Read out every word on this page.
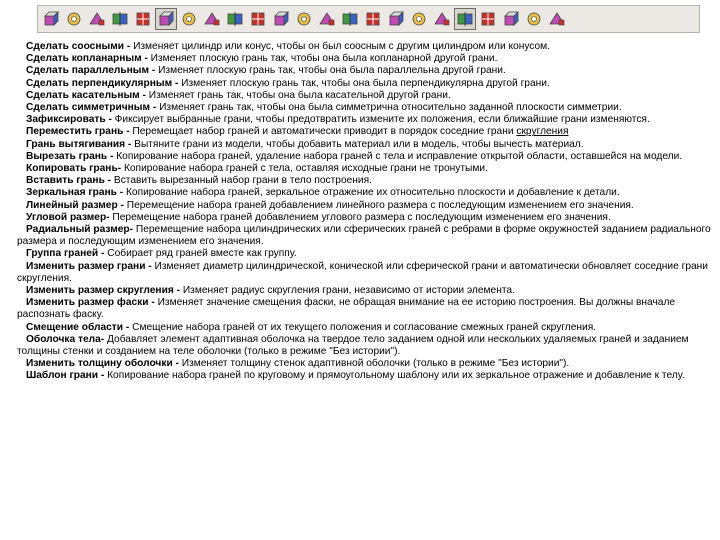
Сделать соосными - Изменяет цилиндр или конус, чтобы он был соосным с другим цилиндром или конусом.

Сделать копланарным - Изменяет плоскую грань так, чтобы она была копланарной другой грани.

Сделать параллельным - Изменяет плоскую грань так, чтобы она была параллельна другой грани.

Сделать перпендикулярным - Изменяет плоскую грань так, чтобы она была перпендикулярна другой грани.

Сделать касательным - Изменяет грань так, чтобы она была касательной другой грани.

Сделать симметричным - Изменяет грань так, чтобы она была симметрична относительно заданной плоскости симметрии.

Зафиксировать - Фиксирует выбранные грани, чтобы предотвратить измените их положения, если ближайшие грани изменяются.

Переместить грань - Перемещает набор граней и автоматически приводит в порядок соседние грани скругления

Грань вытягивания - Вытяните грани из модели, чтобы добавить материал или в модель, чтобы вычесть материал.

Вырезать грань - Копирование набора граней, удаление набора граней с тела и исправление открытой области, оставшейся на модели.

Копировать грань- Копирование набора граней с тела, оставляя исходные грани не тронутыми.

Вставить грань - Вставить вырезанный набор грани в тело построения.

Зеркальная грань - Копирование набора граней, зеркальное отражение их относительно плоскости и добавление к детали.

Линейный размер - Перемещение набора граней добавлением линейного размера с последующим изменением его значения.

Угловой размер- Перемещение набора граней добавлением углового размера с последующим изменением его значения.

Радиальный размер- Перемещение набора цилиндрических или сферических граней с ребрами в форме окружностей заданием радиального размера и последующим изменением его значения.

Группа граней - Собирает ряд граней вместе как группу.

Изменить размер грани - Изменяет диаметр цилиндрической, конической или сферической грани и автоматически обновляет соседние грани скругления.

Изменить размер скругления - Изменяет радиус скругления грани, независимо от истории элемента.

Изменить размер фаски - Изменяет значение смещения фаски, не обращая внимание на ее историю построения. Вы должны вначале распознать фаску.

Смещение области - Смещение набора граней от их текущего положения и согласование смежных граней скругления.

Оболочка тела- Добавляет элемент адаптивная оболочка на твердое тело заданием одной или нескольких удаляемых граней и заданием толщины стенки и созданием на теле оболочки (только в режиме "Без истории").

Изменить толщину оболочки - Изменяет толщину стенок адаптивной оболочки (только в режиме "Без истории").

Шаблон грани - Копирование набора граней по круговому и прямоугольному шаблону или их зеркальное отражение и добавление к телу.
